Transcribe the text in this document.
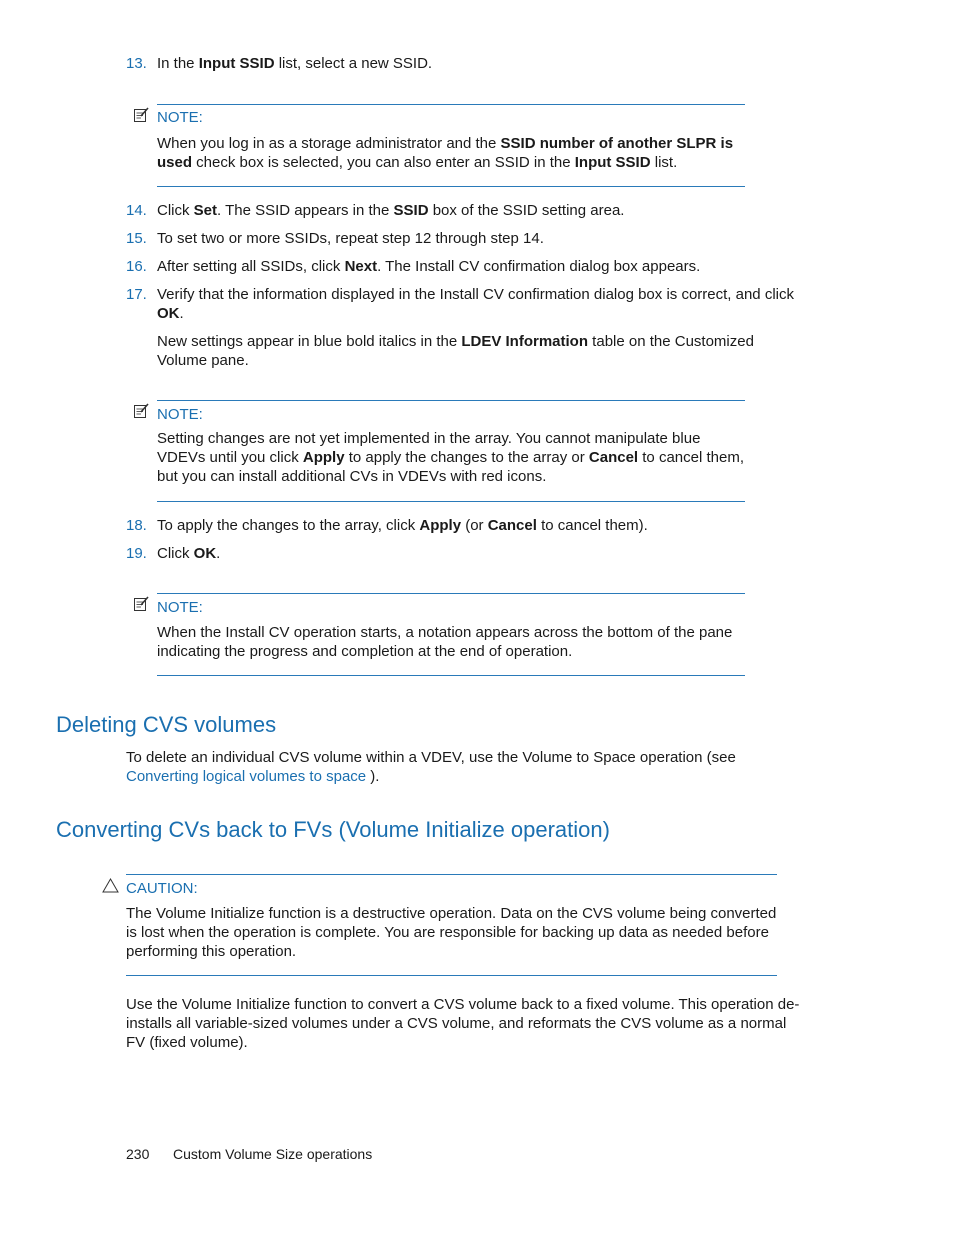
13. In the Input SSID list, select a new SSID.
NOTE:
When you log in as a storage administrator and the SSID number of another SLPR is used check box is selected, you can also enter an SSID in the Input SSID list.
14. Click Set. The SSID appears in the SSID box of the SSID setting area.
15. To set two or more SSIDs, repeat step 12 through step 14.
16. After setting all SSIDs, click Next. The Install CV confirmation dialog box appears.
17. Verify that the information displayed in the Install CV confirmation dialog box is correct, and click OK.
New settings appear in blue bold italics in the LDEV Information table on the Customized Volume pane.
NOTE:
Setting changes are not yet implemented in the array. You cannot manipulate blue VDEVs until you click Apply to apply the changes to the array or Cancel to cancel them, but you can install additional CVs in VDEVs with red icons.
18. To apply the changes to the array, click Apply (or Cancel to cancel them).
19. Click OK.
NOTE:
When the Install CV operation starts, a notation appears across the bottom of the pane indicating the progress and completion at the end of operation.
Deleting CVS volumes
To delete an individual CVS volume within a VDEV, use the Volume to Space operation (see Converting logical volumes to space ).
Converting CVs back to FVs (Volume Initialize operation)
CAUTION:
The Volume Initialize function is a destructive operation. Data on the CVS volume being converted is lost when the operation is complete. You are responsible for backing up data as needed before performing this operation.
Use the Volume Initialize function to convert a CVS volume back to a fixed volume. This operation de-installs all variable-sized volumes under a CVS volume, and reformats the CVS volume as a normal FV (fixed volume).
230 Custom Volume Size operations
